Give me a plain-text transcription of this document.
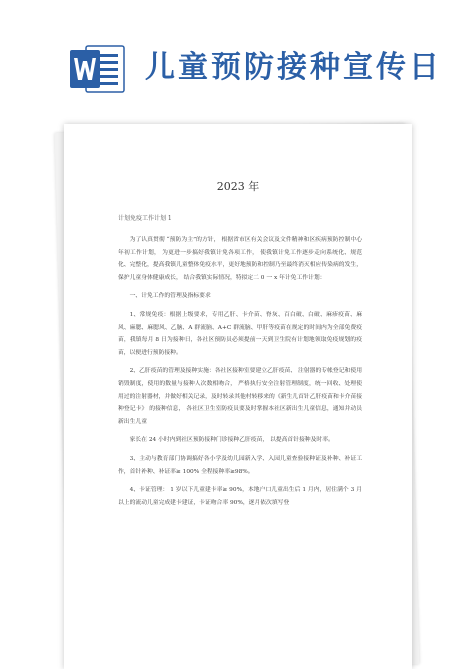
儿童预防接种宣传日
2023 年
计划免疫工作计划 1

为了认真贯彻 “预防为主”的方针， 根据省市区有关会议及文件精神和区疾病预防控制中心年初工作计划， 为更进一步搞好我镇计免各项工作， 使我镇计免工作逐步走向系统化、规范化、完整化，提高我镇儿童整体免疫水平，更好地预防和控制乃至最终消灭相应传染病的发生， 保护儿童身体健康成长， 结合我镇实际情况，特拟定二 0 一 x 年计免工作计划：

一、计免工作的管理及指标要求

1、常规免疫：根据上级要求，专用乙肝、卡介苗、脊灰、百白破、白破、麻疹疫苗、麻风、麻腮、麻腮风、乙脑、A 群流脑、A+C 群流脑、甲肝等疫苗在规定的时间内为全部免费疫苗，我镇每月 8 日为接种日，各社区预防员必须提前一天到卫生院有计划地领取免疫规划的疫苗，以便进行预防接种。

2、乙肝疫苗的管理及接种实施：各社区接种室要建立乙肝疫苗、 注射器的专帐登记和使用销毁制度，使用的数量与接种人次数相吻合， 严格执行安全注射管理制度，统一回收、处理使用过的注射器材，并做好相关记录，及时转录其他村转移来的《新生儿首针乙肝疫苗和卡介苗接种登记卡》 的接种信息， 各社区卫生室防疫员要及时掌握本社区新出生儿童信息，通知并动员新出生儿童

家长在 24 小时内到社区预防接种门诊接种乙肝疫苗， 以提高首针接种及时率。

3、主动与教育部门协调搞好各小学及幼儿园新入学、入园儿童查验接种证及补种、补证工作，首针补种、补证率≥ 100% 全程接种率≥98%。

4、卡证管理： 1 岁以下儿童建卡率≥ 90%，本地户口儿童出生后 1 月内，居住满个 3 月以上的流动儿童完成建卡建证，卡证吻合率 90%，逐月依次填写登
